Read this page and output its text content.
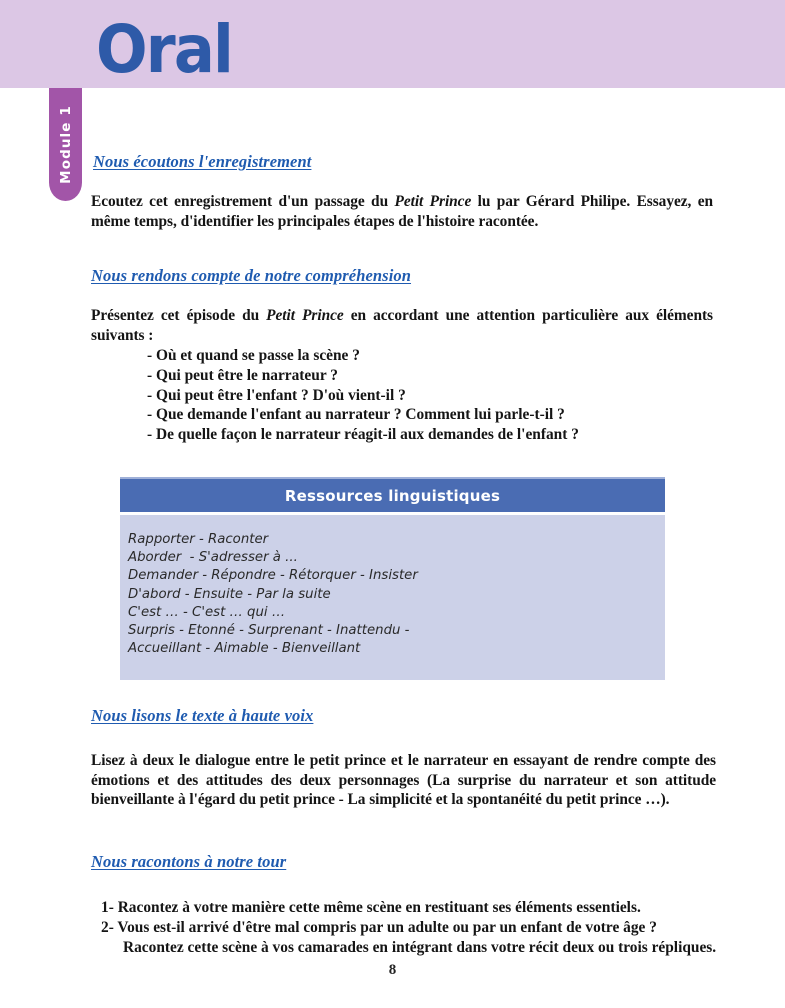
Oral
Module 1	Nous écoutons l'enregistrement
Ecoutez cet enregistrement d'un passage du Petit Prince lu par Gérard Philipe. Essayez, en même temps, d'identifier les principales étapes de l'histoire racontée.
Nous rendons compte de notre compréhension
Présentez cet épisode du Petit Prince en accordant une attention particulière aux éléments suivants :
- Où et quand se passe la scène ?
- Qui peut être le narrateur ?
- Qui peut être l'enfant ? D'où vient-il ?
- Que demande l'enfant au narrateur ? Comment lui parle-t-il ?
- De quelle façon le narrateur réagit-il aux demandes de l'enfant ?
Nous lisons le texte à haute voix
Lisez à deux le dialogue entre le petit prince et le narrateur en essayant de rendre compte des émotions et des attitudes des deux personnages (La surprise du narrateur et son attitude bienveillante à l'égard du petit prince - La simplicité et la spontanéité du petit prince …).
Nous racontons à notre tour
1- Racontez à votre manière cette même scène en restituant ses éléments essentiels.
2- Vous est-il arrivé d'être mal compris par un adulte ou par un enfant de votre âge ?
Racontez cette scène à vos camarades en intégrant dans votre récit deux ou trois répliques.
Ressources linguistiques
Rapporter - Raconter
Aborder  - S'adresser à ...
Demander - Répondre - Rétorquer - Insister
D'abord - Ensuite - Par la suite
C'est … - C'est … qui …
Surpris - Etonné - Surprenant - Inattendu -
Accueillant - Aimable - Bienveillant
8
